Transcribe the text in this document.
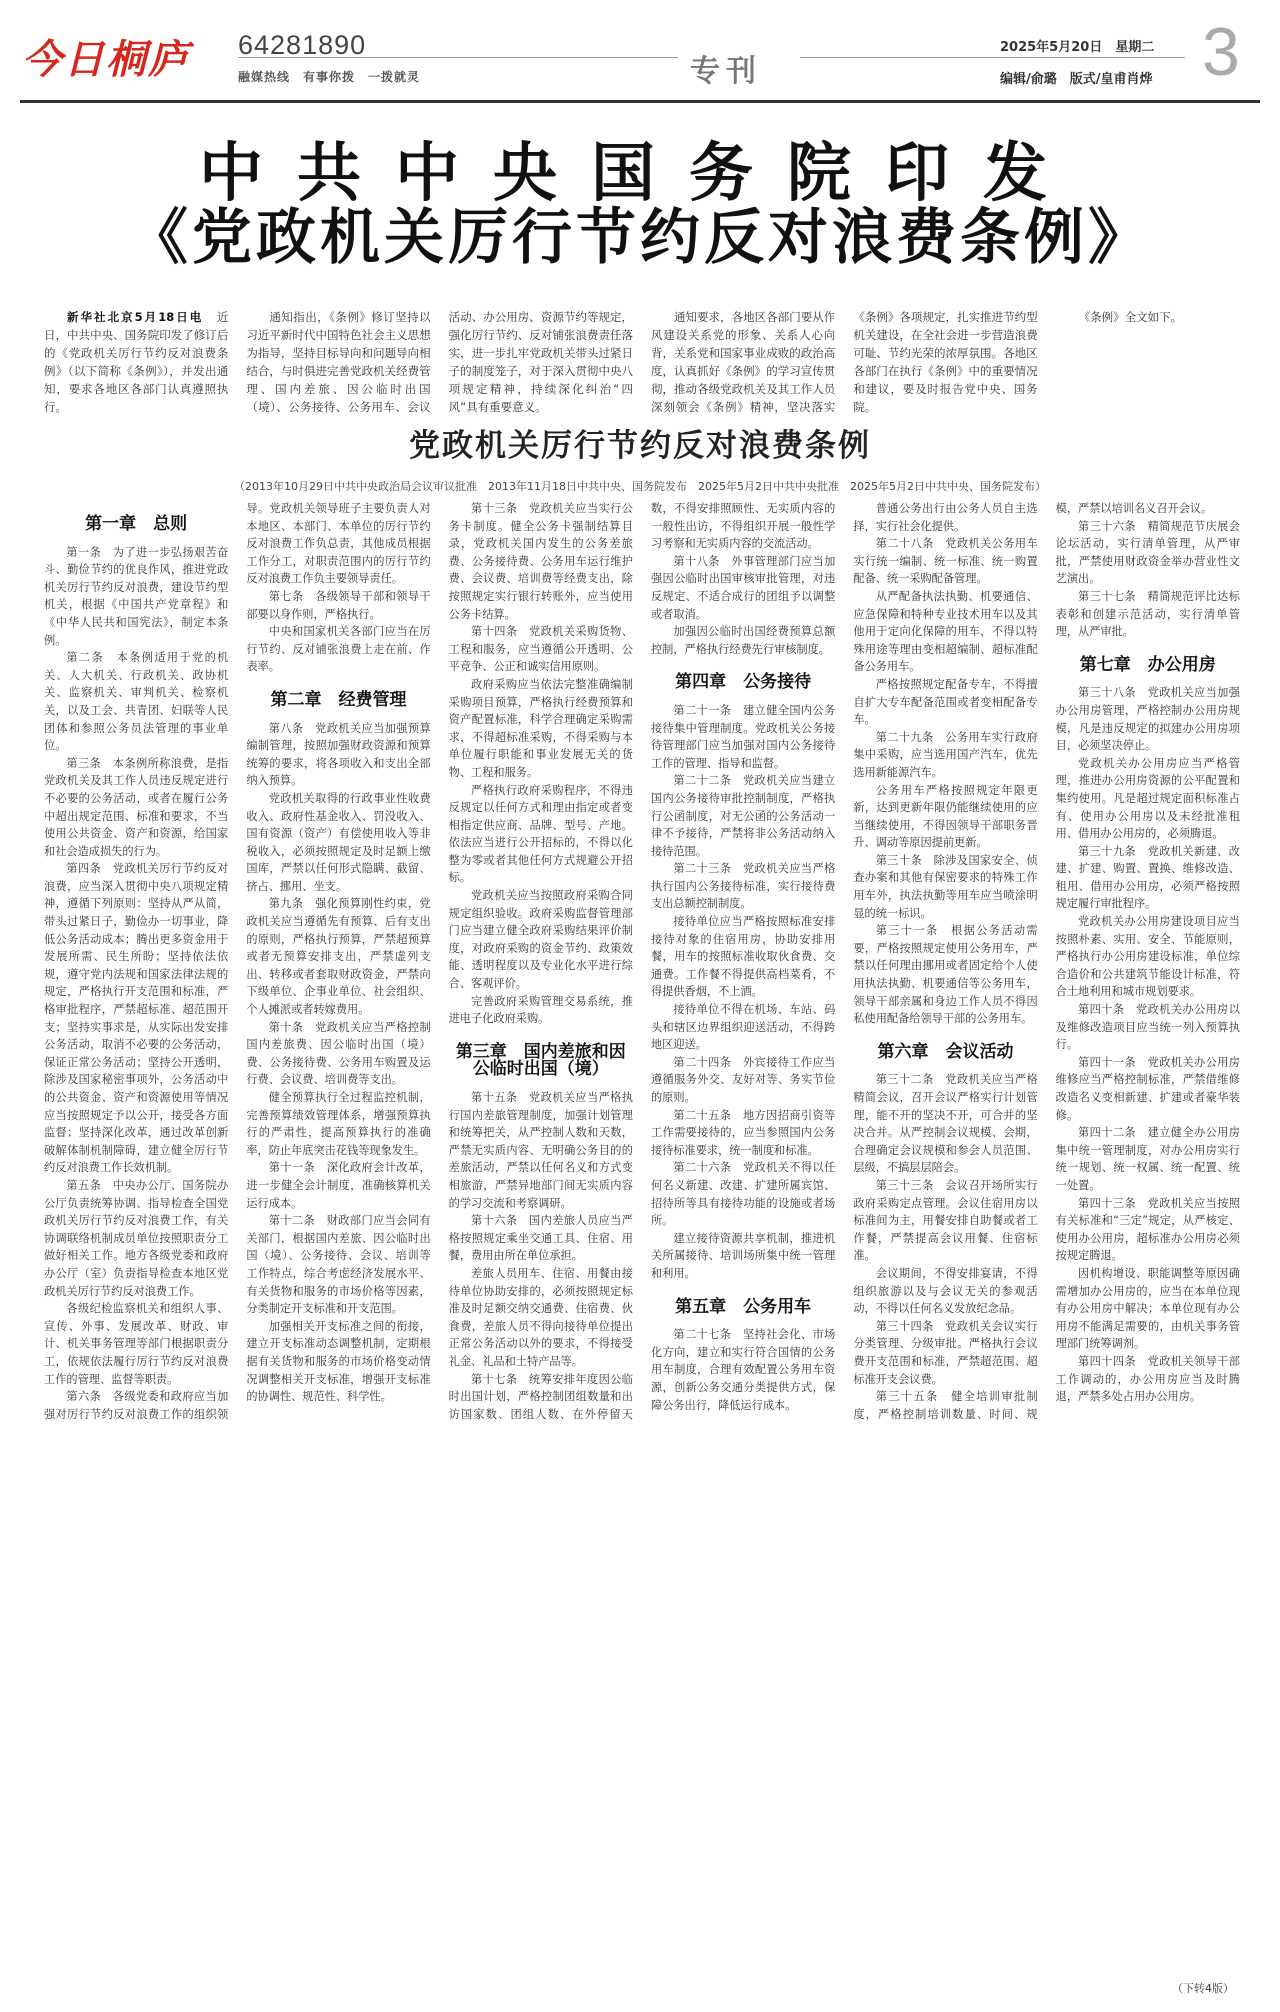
今日桐庐 64281890
融媒热线　有事你拨　一拨就灵	专刊
2025年5月20日　星期二
编辑/俞璐　版式/皇甫肖烨 3
中共中央国务院印发
《党政机关厉行节约反对浪费条例》

新华社北京5月18日电　 近日，中共中央、国务院印发了修订后的《党政机关厉行节约反对浪费条例》（以下简称《条例》），并发出通知，要求各地区各部门认真遵照执行。

通知指出，《条例》修订坚持以习近平新时代中国特色社会主义思想为指导，坚持目标导向和问题导向相结合，与时俱进完善党政机关经费管理、国内差旅、因公临时出国（境）、公务接待、公务用车、会议活动、办公用房、资源节约等规定，强化厉行节约、反对铺张浪费责任落实，进一步扎牢党政机关带头过紧日子的制度笼子，对于深入贯彻中央八项规定精神，持续深化纠治“四风”具有重要意义。

通知要求，各地区各部门要从作风建设关系党的形象、关系人心向背，关系党和国家事业成败的政治高度，认真抓好《条例》的学习宣传贯彻，推动各级党政机关及其工作人员深刻领会《条例》精神，坚决落实《条例》各项规定，扎实推进节约型机关建设，在全社会进一步营造浪费可耻、节约光荣的浓厚氛围。各地区各部门在执行《条例》中的重要情况和建议，要及时报告党中央、国务院。

《条例》全文如下。

党政机关厉行节约反对浪费条例
（2013年10月29日中共中央政治局会议审议批准　2013年11月18日中共中央、国务院发布　2025年5月2日中共中央批准　2025年5月2日中共中央、国务院发布）
第一章　总则

第一条　为了进一步弘扬艰苦奋斗、勤俭节约的优良作风，推进党政机关厉行节约反对浪费，建设节约型机关，根据《中国共产党章程》和《中华人民共和国宪法》，制定本条例。

第二条　本条例适用于党的机关、人大机关、行政机关、政协机关、监察机关、审判机关、检察机关，以及工会、共青团、妇联等人民团体和参照公务员法管理的事业单位。

第三条　本条例所称浪费，是指党政机关及其工作人员违反规定进行不必要的公务活动，或者在履行公务中超出规定范围、标准和要求，不当使用公共资金、资产和资源，给国家和社会造成损失的行为。

第四条　党政机关厉行节约反对浪费，应当深入贯彻中央八项规定精神，遵循下列原则：坚持从严从简，带头过紧日子，勤俭办一切事业，降低公务活动成本；腾出更多资金用于发展所需、民生所盼；坚持依法依规，遵守党内法规和国家法律法规的规定，严格执行开支范围和标准，严格审批程序，严禁超标准、超范围开支；坚持实事求是，从实际出发安排公务活动，取消不必要的公务活动，保证正常公务活动；坚持公开透明，除涉及国家秘密事项外，公务活动中的公共资金、资产和资源使用等情况应当按照规定予以公开，接受各方面监督；坚持深化改革，通过改革创新破解体制机制障碍，建立健全厉行节约反对浪费工作长效机制。

第五条　中央办公厅、国务院办公厅负责统筹协调、指导检查全国党政机关厉行节约反对浪费工作，有关协调联络机制成员单位按照职责分工做好相关工作。地方各级党委和政府办公厅（室）负责指导检查本地区党政机关厉行节约反对浪费工作。

各级纪检监察机关和组织人事、宣传、外事、发展改革、财政、审计、机关事务管理等部门根据职责分工，依规依法履行厉行节约反对浪费工作的管理、监督等职责。

第六条　各级党委和政府应当加强对厉行节约反对浪费工作的组织领导。党政机关领导班子主要负责人对本地区、本部门、本单位的厉行节约反对浪费工作负总责，其他成员根据工作分工，对职责范围内的厉行节约反对浪费工作负主要领导责任。

第七条　各级领导干部和领导干部要以身作则，严格执行。

中央和国家机关各部门应当在厉行节约、反对铺张浪费上走在前、作表率。

第二章　经费管理

第八条　党政机关应当加强预算编制管理，按照加强财政资源和预算统筹的要求，将各项收入和支出全部纳入预算。

党政机关取得的行政事业性收费收入、政府性基金收入、罚没收入、国有资源（资产）有偿使用收入等非税收入，必须按照规定及时足额上缴国库，严禁以任何形式隐瞒、截留、挤占、挪用、坐支。

第九条　强化预算刚性约束，党政机关应当遵循先有预算、后有支出的原则，严格执行预算，严禁超预算或者无预算安排支出，严禁虚列支出、转移或者套取财政资金，严禁向下级单位、企事业单位、社会组织、个人摊派或者转嫁费用。

第十条　党政机关应当严格控制国内差旅费、因公临时出国（境）费、公务接待费、公务用车购置及运行费、会议费、培训费等支出。

健全预算执行全过程监控机制，完善预算绩效管理体系，增强预算执行的严肃性，提高预算执行的准确率，防止年底突击花钱等现象发生。

第十一条　深化政府会计改革，进一步健全会计制度，准确核算机关运行成本。

第十二条　财政部门应当会同有关部门，根据国内差旅、因公临时出国（境）、公务接待、会议、培训等工作特点，综合考虑经济发展水平、有关货物和服务的市场价格等因素，分类制定开支标准和开支范围。

加强相关开支标准之间的衔接，建立开支标准动态调整机制，定期根据有关货物和服务的市场价格变动情况调整相关开支标准，增强开支标准的协调性、规范性、科学性。

第十三条　党政机关应当实行公务卡制度。健全公务卡强制结算目录，党政机关国内发生的公务差旅费、公务接待费、公务用车运行维护费、会议费、培训费等经费支出，除按照规定实行银行转账外，应当使用公务卡结算。

第十四条　党政机关采购货物、工程和服务，应当遵循公开透明、公平竞争、公正和诚实信用原则。

政府采购应当依法完整准确编制采购项目预算，严格执行经费预算和资产配置标准，科学合理确定采购需求，不得超标准采购，不得采购与本单位履行职能和事业发展无关的货物、工程和服务。

严格执行政府采购程序，不得违反规定以任何方式和理由指定或者变相指定供应商、品牌、型号、产地。依法应当进行公开招标的，不得以化整为零或者其他任何方式规避公开招标。

党政机关应当按照政府采购合同规定组织验收。政府采购监督管理部门应当建立健全政府采购结果评价制度，对政府采购的资金节约、政策效能、透明程度以及专业化水平进行综合、客观评价。

完善政府采购管理交易系统，推进电子化政府采购。

第三章　国内差旅和因公临时出国（境）

第十五条　党政机关应当严格执行国内差旅管理制度，加强计划管理和统筹把关，从严控制人数和天数，严禁无实质内容、无明确公务目的的差旅活动，严禁以任何名义和方式变相旅游，严禁异地部门间无实质内容的学习交流和考察调研。

第十六条　国内差旅人员应当严格按照规定乘坐交通工具、住宿、用餐，费用由所在单位承担。

差旅人员用车、住宿、用餐由接待单位协助安排的，必须按照规定标准及时足额交纳交通费、住宿费、伙食费，差旅人员不得向接待单位提出正常公务活动以外的要求，不得接受礼金、礼品和土特产品等。

第十七条　统筹安排年度因公临时出国计划，严格控制团组数量和出访国家数、团组人数、在外停留天数，不得安排照顾性、无实质内容的一般性出访，不得组织开展一般性学习考察和无实质内容的交流活动。

第十八条　外事管理部门应当加强因公临时出国审核审批管理，对违反规定、不适合成行的团组予以调整或者取消。

加强因公临时出国经费预算总额控制，严格执行经费先行审核制度。

第四章　公务接待

第二十一条　建立健全国内公务接待集中管理制度。党政机关公务接待管理部门应当加强对国内公务接待工作的管理、指导和监督。

第二十二条　党政机关应当建立国内公务接待审批控制制度，严格执行公函制度，对无公函的公务活动一律不予接待，严禁将非公务活动纳入接待范围。

第二十三条　党政机关应当严格执行国内公务接待标准，实行接待费支出总额控制制度。

接待单位应当严格按照标准安排接待对象的住宿用房，协助安排用餐，用车的按照标准收取伙食费、交通费。工作餐不得提供高档菜肴，不得提供香烟，不上酒。

接待单位不得在机场、车站、码头和辖区边界组织迎送活动，不得跨地区迎送。

第二十四条　外宾接待工作应当遵循服务外交、友好对等、务实节俭的原则。

第二十五条　地方因招商引资等工作需要接待的，应当参照国内公务接待标准要求，统一制度和标准。

第二十六条　党政机关不得以任何名义新建、改建、扩建所属宾馆、招待所等具有接待功能的设施或者场所。

建立接待资源共享机制，推进机关所属接待、培训场所集中统一管理和利用。

第五章　公务用车

第二十七条　坚持社会化、市场化方向，建立和实行符合国情的公务用车制度，合理有效配置公务用车资源，创新公务交通分类提供方式，保障公务出行，降低运行成本。

普通公务出行由公务人员自主选择，实行社会化提供。

第二十八条　党政机关公务用车实行统一编制、统一标准、统一购置配备、统一采购配备管理。

从严配备执法执勤、机要通信、应急保障和特种专业技术用车以及其他用于定向化保障的用车，不得以特殊用途等理由变相超编制、超标准配备公务用车。

严格按照规定配备专车，不得擅自扩大专车配备范围或者变相配备专车。

第二十九条　公务用车实行政府集中采购，应当选用国产汽车，优先选用新能源汽车。

公务用车严格按照规定年限更新，达到更新年限仍能继续使用的应当继续使用，不得因领导干部职务晋升、调动等原因提前更新。

第三十条　除涉及国家安全、侦查办案和其他有保密要求的特殊工作用车外，执法执勤等用车应当喷涂明显的统一标识。

第三十一条　根据公务活动需要，严格按照规定使用公务用车，严禁以任何理由挪用或者固定给个人使用执法执勤、机要通信等公务用车，领导干部亲属和身边工作人员不得因私使用配备给领导干部的公务用车。

第六章　会议活动

第三十二条　党政机关应当严格精简会议，召开会议严格实行计划管理，能不开的坚决不开，可合并的坚决合并。从严控制会议规模、会期，合理确定会议规模和参会人员范围、层级，不搞层层陪会。

第三十三条　会议召开场所实行政府采购定点管理。会议住宿用房以标准间为主，用餐安排自助餐或者工作餐，严禁提高会议用餐、住宿标准。

会议期间，不得安排宴请，不得组织旅游以及与会议无关的参观活动，不得以任何名义发放纪念品。

第三十四条　党政机关会议实行分类管理、分级审批。严格执行会议费开支范围和标准，严禁超范围、超标准开支会议费。

第三十五条　健全培训审批制度，严格控制培训数量、时间、规模，严禁以培训名义召开会议。

第三十六条　精简规范节庆展会论坛活动，实行清单管理，从严审批，严禁使用财政资金举办营业性文艺演出。

第三十七条　精简规范评比达标表彰和创建示范活动，实行清单管理，从严审批。

第七章　办公用房

第三十八条　党政机关应当加强办公用房管理，严格控制办公用房规模，凡是违反规定的拟建办公用房项目，必须坚决停止。

党政机关办公用房应当严格管理，推进办公用房资源的公平配置和集约使用。凡是超过规定面积标准占有、使用办公用房以及未经批准租用、借用办公用房的，必须腾退。

第三十九条　党政机关新建、改建、扩建、购置、置换、维修改造、租用、借用办公用房，必须严格按照规定履行审批程序。

党政机关办公用房建设项目应当按照朴素、实用、安全、节能原则，严格执行办公用房建设标准，单位综合造价和公共建筑节能设计标准，符合土地利用和城市规划要求。

第四十条　党政机关办公用房以及维修改造项目应当统一列入预算执行。

第四十一条　党政机关办公用房维修应当严格控制标准，严禁借维修改造名义变相新建、扩建或者豪华装修。

第四十二条　建立健全办公用房集中统一管理制度，对办公用房实行统一规划、统一权属、统一配置、统一处置。

第四十三条　党政机关应当按照有关标准和“三定”规定，从严核定、使用办公用房，超标准办公用房必须按规定腾退。

因机构增设、职能调整等原因确需增加办公用房的，应当在本单位现有办公用房中解决；本单位现有办公用房不能满足需要的，由机关事务管理部门统筹调剂。

第四十四条　党政机关领导干部工作调动的，办公用房应当及时腾退，严禁多处占用办公用房。

（下转4版）
